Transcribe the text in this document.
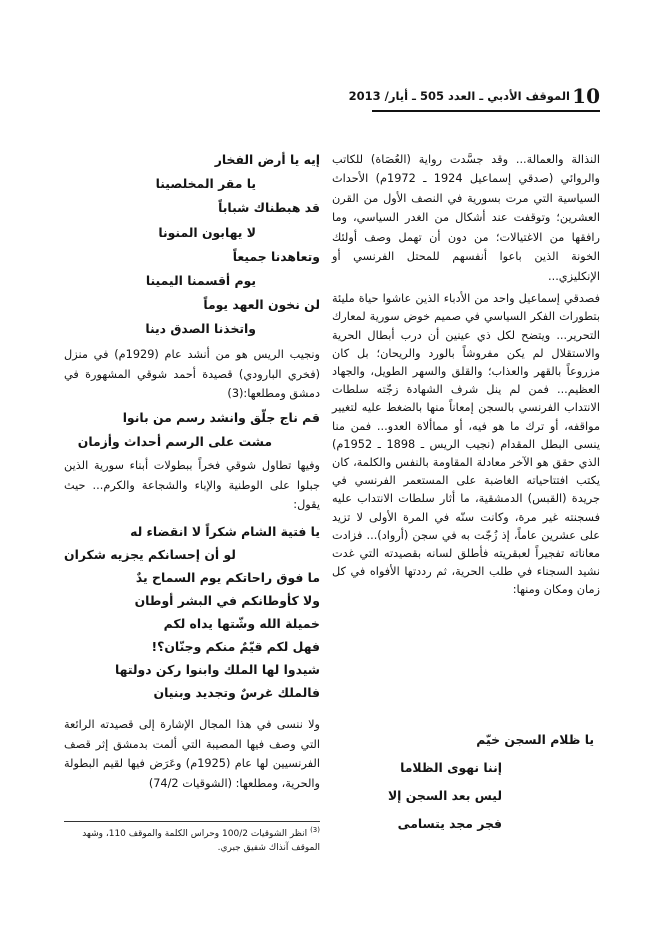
10
الموقف الأدبي ـ العدد 505 ـ أيار/ 2013

النذالة والعمالة... وقد جسَّدت رواية (العُصَاة) للكاتب والروائي (صدقي إسماعيل 1924 ـ 1972م) الأحداث السياسية التي مرت بسورية في النصف الأول من القرن العشرين؛ وتوقفت عند أشكال من الغدر السياسي، وما رافقها من الاغتيالات؛ من دون أن تهمل وصف أولئك الخونة الذين باعوا أنفسهم للمحتل الفرنسي أو الإنكليزي...

فصدقي إسماعيل واحد من الأدباء الذين عاشوا حياة مليئة بتطورات الفكر السياسي في صميم خوض سورية لمعارك التحرير... ويتضح لكل ذي عينين أن درب أبطال الحرية والاستقلال لم يكن مفروشاً بالورد والريحان؛ بل كان مزروعاً بالقهر والعذاب؛ والقلق والسهر الطويل، والجهاد العظيم... فمن لم ينل شرف الشهادة زجّته سلطات الانتداب الفرنسي بالسجن إمعاناً منها بالضغط عليه لتغيير مواقفه، أو ترك ما هو فيه، أو مماألاة العدو... فمن منا ينسى البطل المقدام (نجيب الريس ـ 1898 ـ 1952م) الذي حقق هو الآخر معادلة المقاومة بالنفس والكلمة، كان يكتب افتتاحياته الغاضبة على المستعمر الفرنسي في جريدة (القبس) الدمشقية، ما أثار سلطات الانتداب عليه فسجنته غير مرة، وكانت سنّه في المرة الأولى لا تزيد على عشرين عاماً، إذ زُجّت به في سجن (أرواد)... فزادت معاناته تفجيراً لعبقريته فأطلق لسانه بقصيدته التي غدت نشيد السجناء في طلب الحرية، ثم رددتها الأفواه في كل زمان ومكان ومنها:

يا ظلام السجن خيّم
إننا نهوى الظلاما
ليس بعد السجن إلا
فجر مجد يتسامى
إيه يا أرض الفخار
يا مقر المخلصينا
قد هبطناك شباباً
لا يهابون المنونا
وتعاهدنا جميعاً
يوم أقسمنا اليمينا
لن نخون العهد يوماً
واتخذنا الصدق دينا

ونجيب الريس هو من أنشد عام (1929م) في منزل (فخري البارودي) قصيدة أحمد شوقي المشهورة في دمشق ومطلعها:(3)

قم ناج جلّق وانشد رسم من بانوا
مشت على الرسم أحداث وأزمان

وفيها تطاول شوقي فخراً ببطولات أبناء سورية الذين جبلوا على الوطنية والإباء والشجاعة والكرم... حيث يقول:

يا فتية الشام شكراً لا انقضاء له
لو أن إحسانكم يجزيه شكران
ما فوق راحاتكم يوم السماح يدٌ
ولا كأوطانكم في البشر أوطان
خميلة الله وشّتها يداه لكم
فهل لكم قيّمٌ منكم وجنّان؟!
شيدوا لها الملك وابنوا ركن دولتها
فالملك غرسٌ وتجديد وبنيان

ولا ننسى في هذا المجال الإشارة إلى قصيدته الرائعة التي وصف فيها المصيبة التي ألمت بدمشق إثر قصف الفرنسيين لها عام (1925م) وعَرَض فيها لقيم البطولة والحرية، ومطلعها: (الشوقيات 74/2)

$^{(3)}$ انظر الشوقيات 100/2 وحراس الكلمة والموقف 110، وشهد الموقف آنذاك شفيق جبري.
